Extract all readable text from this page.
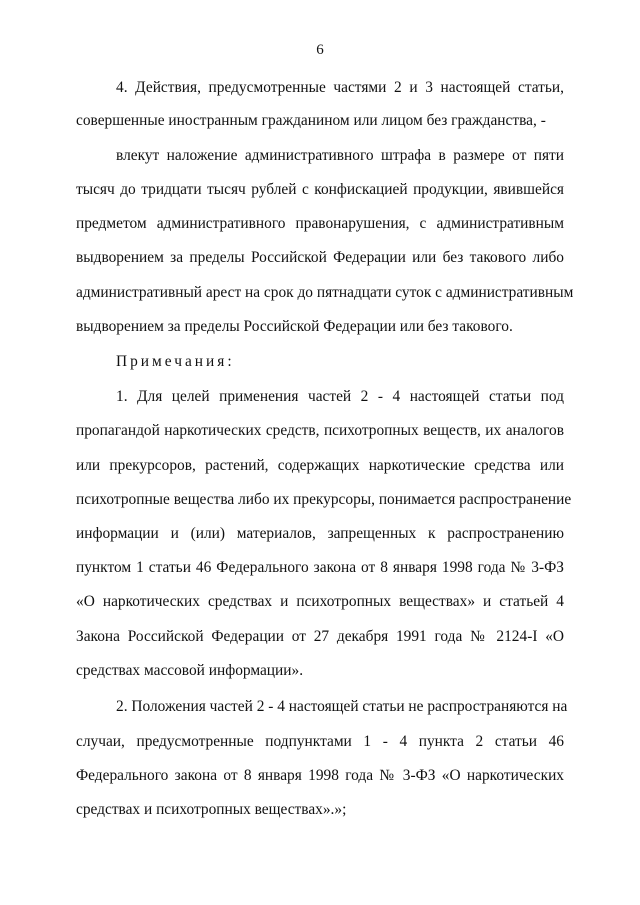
6
4. Действия, предусмотренные частями 2 и 3 настоящей статьи,
совершенные иностранным гражданином или лицом без гражданства, -
влекут наложение административного штрафа в размере от пяти
тысяч до тридцати тысяч рублей с конфискацией продукции, явившейся
предметом административного правонарушения, с административным
выдворением за пределы Российской Федерации или без такового либо
административный арест на срок до пятнадцати суток с административным
выдворением за пределы Российской Федерации или без такового.
Примечания:
1. Для целей применения частей 2 - 4 настоящей статьи под
пропагандой наркотических средств, психотропных веществ, их аналогов
или прекурсоров, растений, содержащих наркотические средства или
психотропные вещества либо их прекурсоры, понимается распространение
информации и (или) материалов, запрещенных к распространению
пунктом 1 статьи 46 Федерального закона от 8 января 1998 года № 3-ФЗ
«О наркотических средствах и психотропных веществах» и статьей 4
Закона Российской Федерации от 27 декабря 1991 года № 2124-I «О
средствах массовой информации».
2. Положения частей 2 - 4 настоящей статьи не распространяются на
случаи, предусмотренные подпунктами 1 - 4 пункта 2 статьи 46
Федерального закона от 8 января 1998 года № 3-ФЗ «О наркотических
средствах и психотропных веществах».»;
